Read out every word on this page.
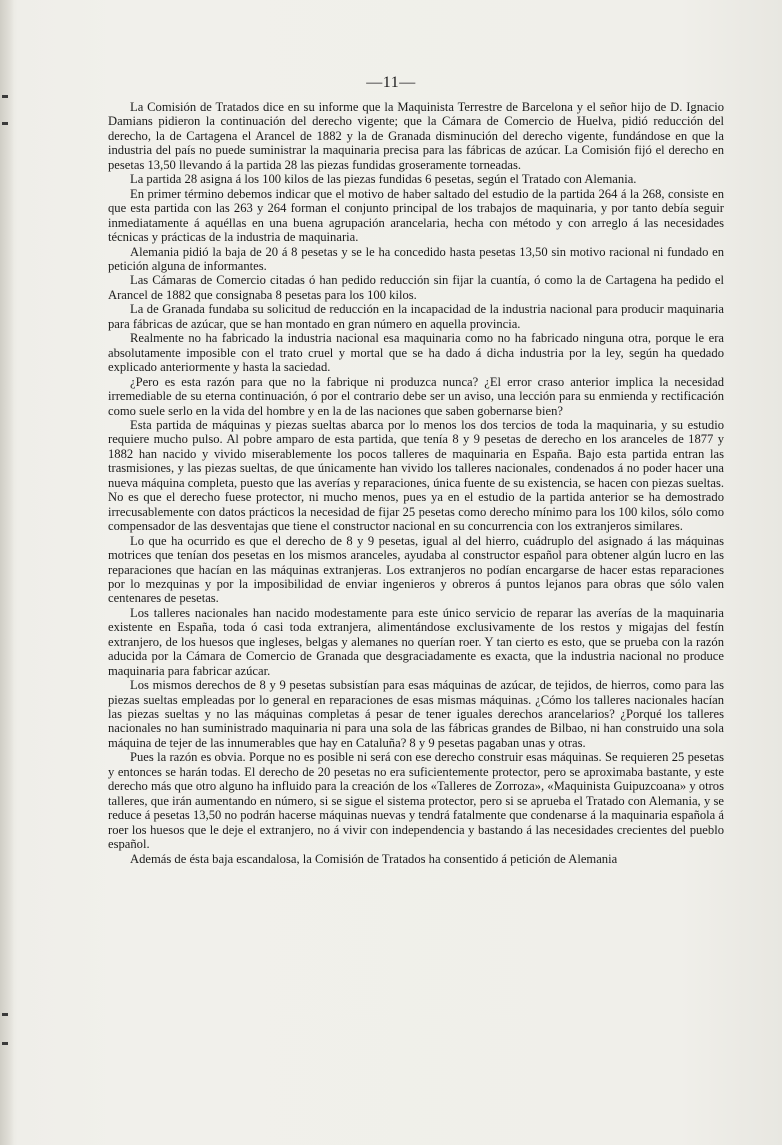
—11—

La Comisión de Tratados dice en su informe que la Maquinista Terrestre de Barcelona y el señor hijo de D. Ignacio Damians pidieron la continuación del derecho vigente; que la Cámara de Comercio de Huelva, pidió reducción del derecho, la de Cartagena el Arancel de 1882 y la de Granada disminución del derecho vigente, fundándose en que la industria del país no puede suministrar la maquinaria precisa para las fábricas de azúcar. La Comisión fijó el derecho en pesetas 13,50 llevando á la partida 28 las piezas fundidas groseramente torneadas.

La partida 28 asigna á los 100 kilos de las piezas fundidas 6 pesetas, según el Tratado con Alemania.

En primer término debemos indicar que el motivo de haber saltado del estudio de la partida 264 á la 268, consiste en que esta partida con las 263 y 264 forman el conjunto principal de los trabajos de maquinaria, y por tanto debía seguir inmediatamente á aquéllas en una buena agrupación arancelaria, hecha con método y con arreglo á las necesidades técnicas y prácticas de la industria de maquinaria.

Alemania pidió la baja de 20 á 8 pesetas y se le ha concedido hasta pesetas 13,50 sin motivo racional ni fundado en petición alguna de informantes.

Las Cámaras de Comercio citadas ó han pedido reducción sin fijar la cuantía, ó como la de Cartagena ha pedido el Arancel de 1882 que consignaba 8 pesetas para los 100 kilos.

La de Granada fundaba su solicitud de reducción en la incapacidad de la industria nacional para producir maquinaria para fábricas de azúcar, que se han montado en gran número en aquella provincia.

Realmente no ha fabricado la industria nacional esa maquinaria como no ha fabricado ninguna otra, porque le era absolutamente imposible con el trato cruel y mortal que se ha dado á dicha industria por la ley, según ha quedado explicado anteriormente y hasta la saciedad.

¿Pero es esta razón para que no la fabrique ni produzca nunca? ¿El error craso anterior implica la necesidad irremediable de su eterna continuación, ó por el contrario debe ser un aviso, una lección para su enmienda y rectificación como suele serlo en la vida del hombre y en la de las naciones que saben gobernarse bien?

Esta partida de máquinas y piezas sueltas abarca por lo menos los dos tercios de toda la maquinaria, y su estudio requiere mucho pulso. Al pobre amparo de esta partida, que tenía 8 y 9 pesetas de derecho en los aranceles de 1877 y 1882 han nacido y vivido miserablemente los pocos talleres de maquinaria en España. Bajo esta partida entran las trasmisiones, y las piezas sueltas, de que únicamente han vivido los talleres nacionales, condenados á no poder hacer una nueva máquina completa, puesto que las averías y reparaciones, única fuente de su existencia, se hacen con piezas sueltas. No es que el derecho fuese protector, ni mucho menos, pues ya en el estudio de la partida anterior se ha demostrado irrecusablemente con datos prácticos la necesidad de fijar 25 pesetas como derecho mínimo para los 100 kilos, sólo como compensador de las desventajas que tiene el constructor nacional en su concurrencia con los extranjeros similares.

Lo que ha ocurrido es que el derecho de 8 y 9 pesetas, igual al del hierro, cuádruplo del asignado á las máquinas motrices que tenían dos pesetas en los mismos aranceles, ayudaba al constructor español para obtener algún lucro en las reparaciones que hacían en las máquinas extranjeras. Los extranjeros no podían encargarse de hacer estas reparaciones por lo mezquinas y por la imposibilidad de enviar ingenieros y obreros á puntos lejanos para obras que sólo valen centenares de pesetas.

Los talleres nacionales han nacido modestamente para este único servicio de reparar las averías de la maquinaria existente en España, toda ó casi toda extranjera, alimentándose exclusivamente de los restos y migajas del festín extranjero, de los huesos que ingleses, belgas y alemanes no querían roer. Y tan cierto es esto, que se prueba con la razón aducida por la Cámara de Comercio de Granada que desgraciadamente es exacta, que la industria nacional no produce maquinaria para fabricar azúcar.

Los mismos derechos de 8 y 9 pesetas subsistían para esas máquinas de azúcar, de tejidos, de hierros, como para las piezas sueltas empleadas por lo general en reparaciones de esas mismas máquinas. ¿Cómo los talleres nacionales hacían las piezas sueltas y no las máquinas completas á pesar de tener iguales derechos arancelarios? ¿Porqué los talleres nacionales no han suministrado maquinaria ni para una sola de las fábricas grandes de Bilbao, ni han construido una sola máquina de tejer de las innumerables que hay en Cataluña? 8 y 9 pesetas pagaban unas y otras.

Pues la razón es obvia. Porque no es posible ni será con ese derecho construir esas máquinas. Se requieren 25 pesetas y entonces se harán todas. El derecho de 20 pesetas no era suficientemente protector, pero se aproximaba bastante, y este derecho más que otro alguno ha influido para la creación de los «Talleres de Zorroza», «Maquinista Guipuzcoana» y otros talleres, que irán aumentando en número, si se sigue el sistema protector, pero si se aprueba el Tratado con Alemania, y se reduce á pesetas 13,50 no podrán hacerse máquinas nuevas y tendrá fatalmente que condenarse á la maquinaria española á roer los huesos que le deje el extranjero, no á vivir con independencia y bastando á las necesidades crecientes del pueblo español.

Además de ésta baja escandalosa, la Comisión de Tratados ha consentido á petición de Alemania
